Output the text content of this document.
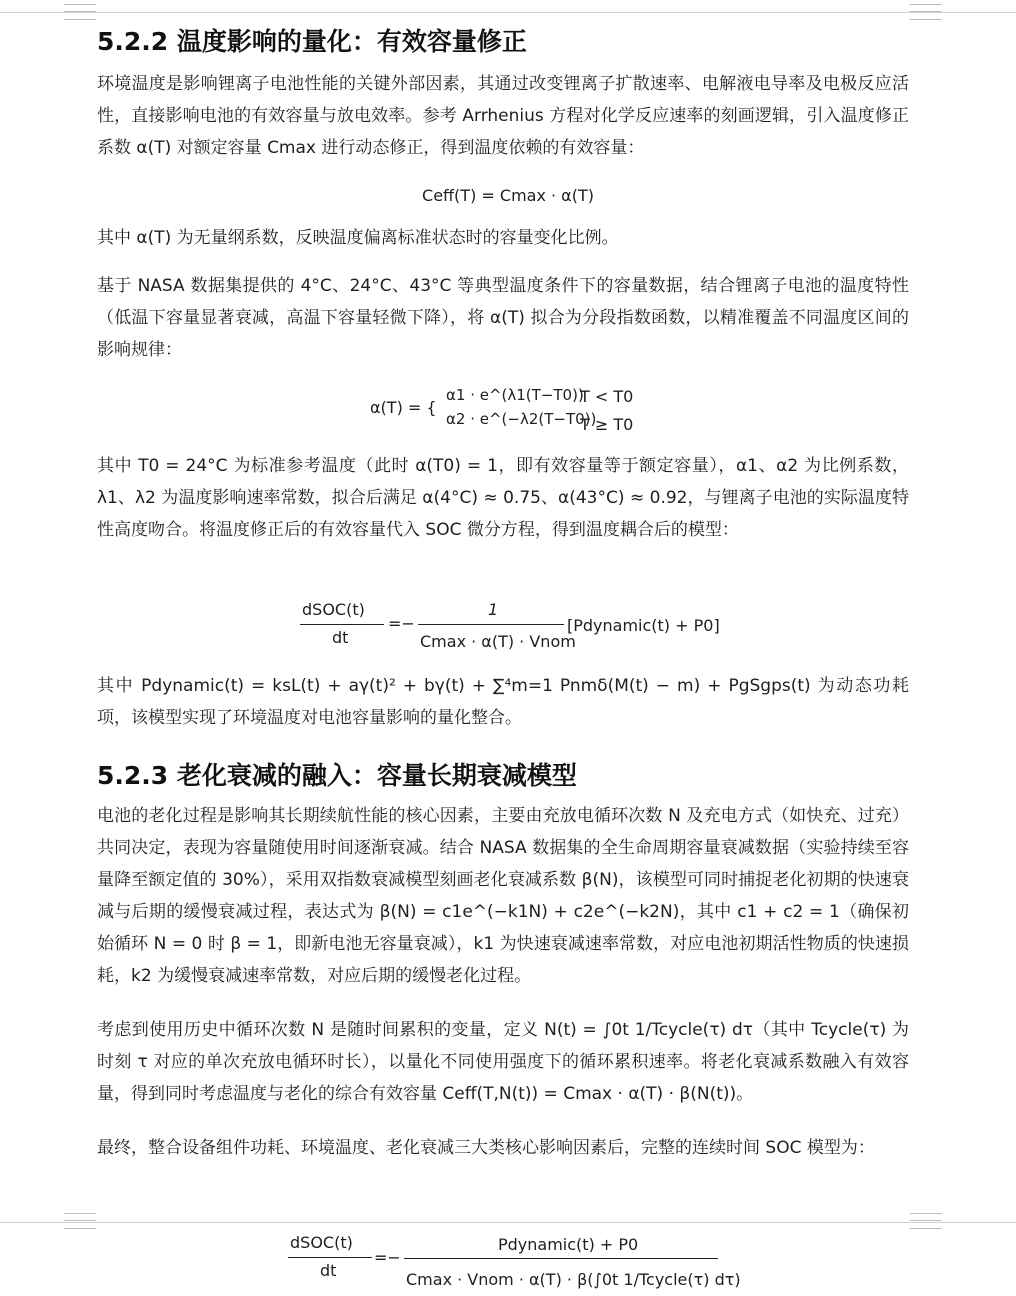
5.2.2 温度影响的量化：有效容量修正

环境温度是影响锂离子电池性能的关键外部因素，其通过改变锂离子扩散速率、电解液电导率及电极反应活性，直接影响电池的有效容量与放电效率。参考 Arrhenius 方程对化学反应速率的刻画逻辑，引入温度修正系数 α(T) 对额定容量 Cmax 进行动态修正，得到温度依赖的有效容量：

Ceff(T) = Cmax · α(T)

其中 α(T) 为无量纲系数，反映温度偏离标准状态时的容量变化比例。

基于 NASA 数据集提供的 4°C、24°C、43°C 等典型温度条件下的容量数据，结合锂离子电池的温度特性（低温下容量显著衰减，高温下容量轻微下降），将 α(T) 拟合为分段指数函数，以精准覆盖不同温度区间的影响规律：

α(T) = {
α1 · e^(λ1(T−T0))
T < T0
α2 · e^(−λ2(T−T0))
T ≥ T0

其中 T0 = 24°C 为标准参考温度（此时 α(T0) = 1，即有效容量等于额定容量），α1、α2 为比例系数，λ1、λ2 为温度影响速率常数，拟合后满足 α(4°C) ≈ 0.75、α(43°C) ≈ 0.92，与锂离子电池的实际温度特性高度吻合。将温度修正后的有效容量代入 SOC 微分方程，得到温度耦合后的模型：

dSOC(t)
dt
=−
1
Cmax · α(T) · Vnom
[Pdynamic(t) + P0]

其中 Pdynamic(t) = ksL(t) + aγ(t)² + bγ(t) + ∑⁴m=1 Pnmδ(M(t) − m) + PgSgps(t) 为动态功耗项，该模型实现了环境温度对电池容量影响的量化整合。

5.2.3 老化衰减的融入：容量长期衰减模型

电池的老化过程是影响其长期续航性能的核心因素，主要由充放电循环次数 N 及充电方式（如快充、过充）共同决定，表现为容量随使用时间逐渐衰减。结合 NASA 数据集的全生命周期容量衰减数据（实验持续至容量降至额定值的 30%），采用双指数衰减模型刻画老化衰减系数 β(N)，该模型可同时捕捉老化初期的快速衰减与后期的缓慢衰减过程，表达式为 β(N) = c1e^(−k1N) + c2e^(−k2N)，其中 c1 + c2 = 1（确保初始循环 N = 0 时 β = 1，即新电池无容量衰减），k1 为快速衰减速率常数，对应电池初期活性物质的快速损耗，k2 为缓慢衰减速率常数，对应后期的缓慢老化过程。

考虑到使用历史中循环次数 N 是随时间累积的变量，定义 N(t) = ∫0t 1/Tcycle(τ) dτ（其中 Tcycle(τ) 为时刻 τ 对应的单次充放电循环时长），以量化不同使用强度下的循环累积速率。将老化衰减系数融入有效容量，得到同时考虑温度与老化的综合有效容量 Ceff(T,N(t)) = Cmax · α(T) · β(N(t))。

最终，整合设备组件功耗、环境温度、老化衰减三大类核心影响因素后，完整的连续时间 SOC 模型为：

dSOC(t)
dt
=−
Pdynamic(t) + P0
Cmax · Vnom · α(T) · β(∫0t 1/Tcycle(τ) dτ)
